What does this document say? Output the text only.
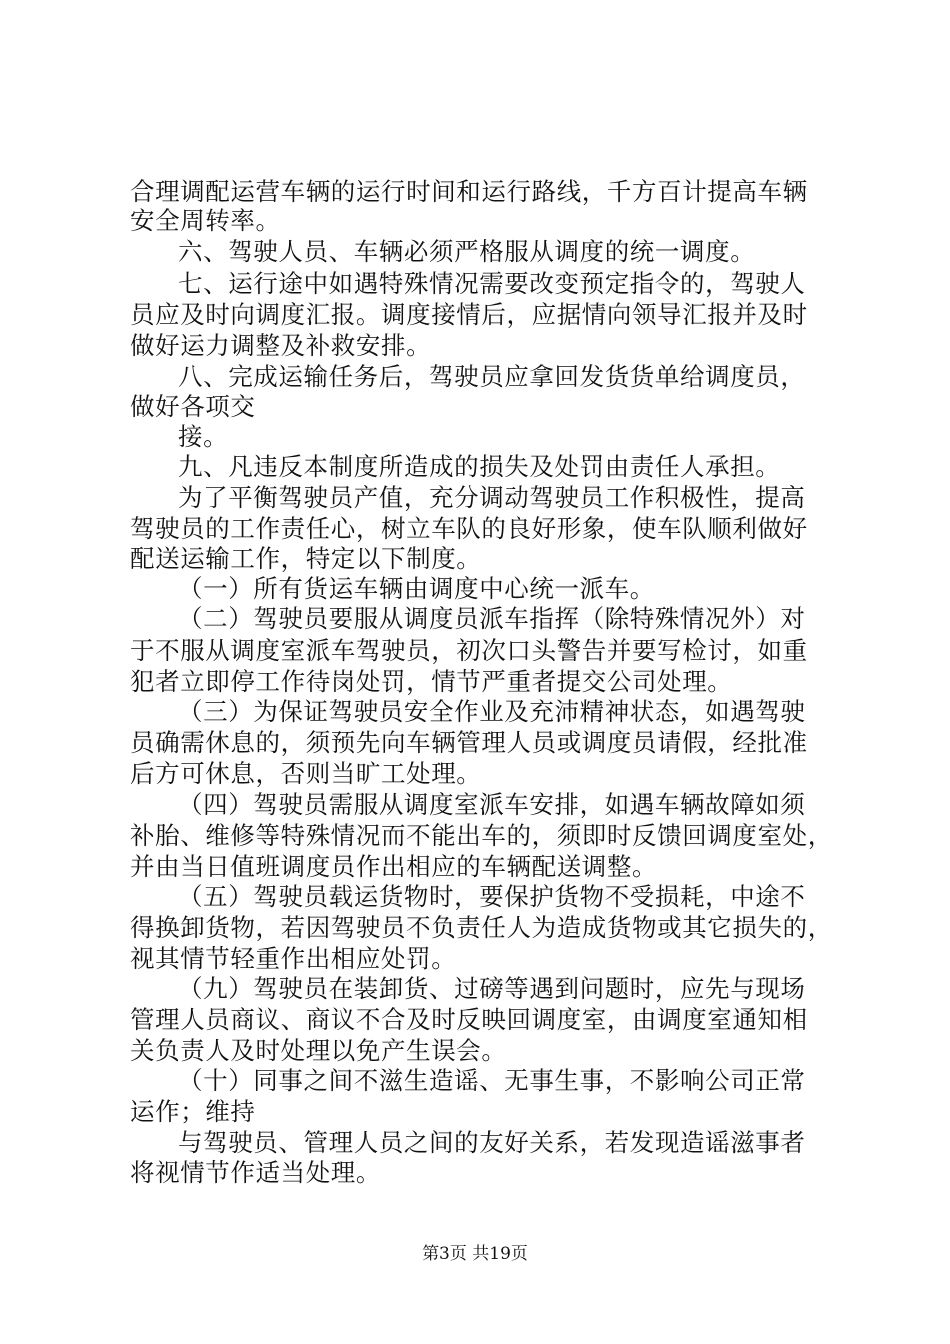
合理调配运营车辆的运行时间和运行路线，千方百计提高车辆
安全周转率。
六、驾驶人员、车辆必须严格服从调度的统一调度。
七、运行途中如遇特殊情况需要改变预定指令的，驾驶人
员应及时向调度汇报。调度接情后，应据情向领导汇报并及时
做好运力调整及补救安排。
八、完成运输任务后，驾驶员应拿回发货货单给调度员，
做好各项交
接。
九、凡违反本制度所造成的损失及处罚由责任人承担。
为了平衡驾驶员产值，充分调动驾驶员工作积极性，提高
驾驶员的工作责任心，树立车队的良好形象，使车队顺利做好
配送运输工作，特定以下制度。
（一）所有货运车辆由调度中心统一派车。
（二）驾驶员要服从调度员派车指挥（除特殊情况外）对
于不服从调度室派车驾驶员，初次口头警告并要写检讨，如重
犯者立即停工作待岗处罚，情节严重者提交公司处理。
（三）为保证驾驶员安全作业及充沛精神状态，如遇驾驶
员确需休息的，须预先向车辆管理人员或调度员请假，经批准
后方可休息，否则当旷工处理。
（四）驾驶员需服从调度室派车安排，如遇车辆故障如须
补胎、维修等特殊情况而不能出车的，须即时反馈回调度室处，
并由当日值班调度员作出相应的车辆配送调整。
（五）驾驶员载运货物时，要保护货物不受损耗，中途不
得换卸货物，若因驾驶员不负责任人为造成货物或其它损失的，
视其情节轻重作出相应处罚。
（九）驾驶员在装卸货、过磅等遇到问题时，应先与现场
管理人员商议、商议不合及时反映回调度室，由调度室通知相
关负责人及时处理以免产生误会。
（十）同事之间不滋生造谣、无事生事，不影响公司正常
运作；维持
与驾驶员、管理人员之间的友好关系，若发现造谣滋事者
将视情节作适当处理。
第3页 共19页
